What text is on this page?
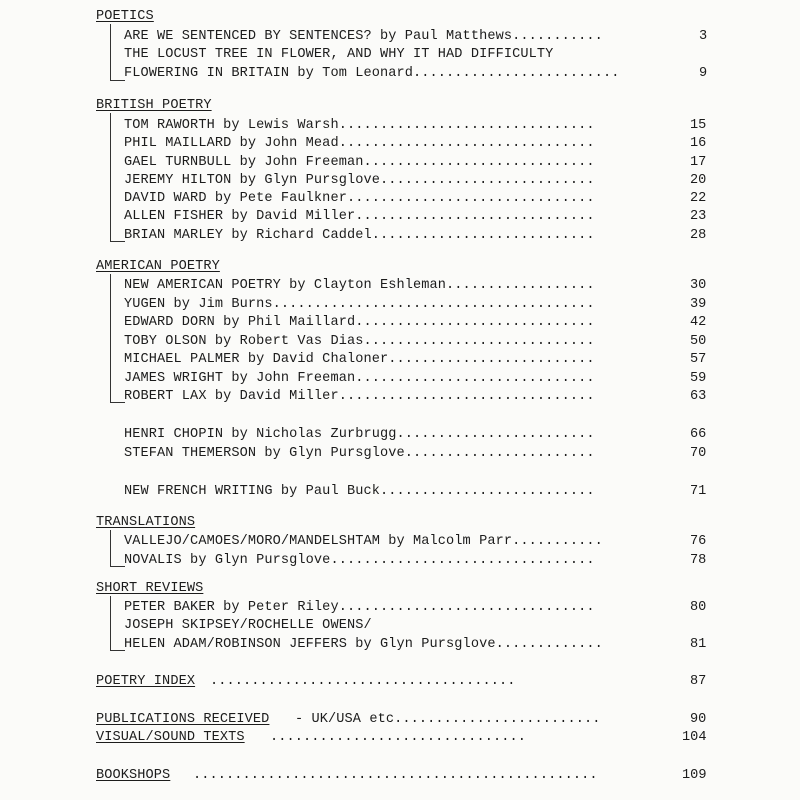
POETICS
ARE WE SENTENCED BY SENTENCES? by Paul Matthews...........	3
THE LOCUST TREE IN FLOWER, AND WHY IT HAD DIFFICULTY
FLOWERING IN BRITAIN by Tom Leonard.........................	9
BRITISH POETRY
TOM RAWORTH by Lewis Warsh...............................	15
PHIL MAILLARD by John Mead...............................	16
GAEL TURNBULL by John Freeman............................	17
JEREMY HILTON by Glyn Pursglove..........................	20
DAVID WARD by Pete Faulkner..............................	22
ALLEN FISHER by David Miller.............................	23
BRIAN MARLEY by Richard Caddel...........................	28
AMERICAN POETRY
NEW AMERICAN POETRY by Clayton Eshleman..................	30
YUGEN by Jim Burns.......................................	39
EDWARD DORN by Phil Maillard.............................	42
TOBY OLSON by Robert Vas Dias............................	50
MICHAEL PALMER by David Chaloner.........................	57
JAMES WRIGHT by John Freeman.............................	59
ROBERT LAX by David Miller...............................	63
HENRI CHOPIN by Nicholas Zurbrugg........................	66
STEFAN THEMERSON by Glyn Pursglove.......................	70
NEW FRENCH WRITING by Paul Buck..........................	71
TRANSLATIONS
VALLEJO/CAMOES/MORO/MANDELSHTAM by Malcolm Parr...........	76
NOVALIS by Glyn Pursglove................................	78
SHORT REVIEWS
PETER BAKER by Peter Riley...............................	80
JOSEPH SKIPSEY/ROCHELLE OWENS/
HELEN ADAM/ROBINSON JEFFERS by Glyn Pursglove.............	81
POETRY INDEX .....................................	87
PUBLICATIONS RECEIVED - UK/USA etc.........................	90
VISUAL/SOUND TEXTS ...............................	104
BOOKSHOPS .................................................	109
